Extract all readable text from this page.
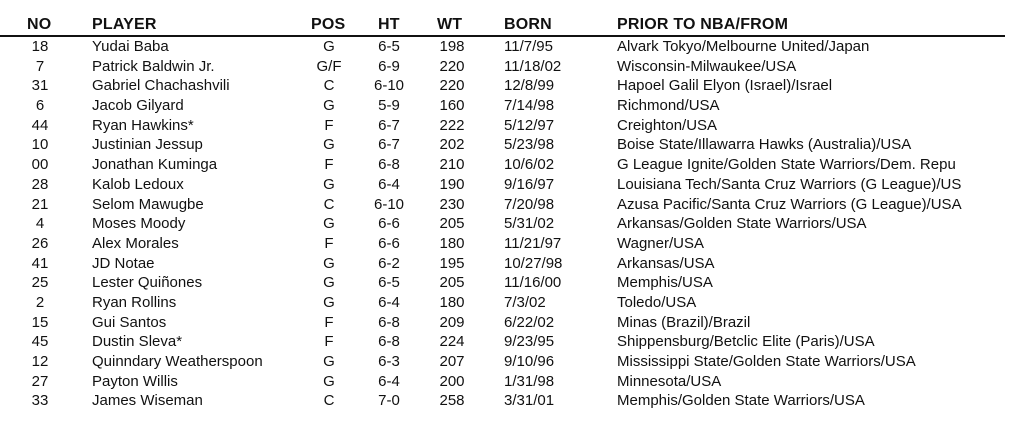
NO	PLAYER	POS HT WT	BORN	PRIOR TO NBA/FROM
18	Yudai Baba	G	6-5	198	11/7/95	Alvark Tokyo/Melbourne United/Japan
7	Patrick Baldwin Jr.	G/F	6-9	220	11/18/02	Wisconsin-Milwaukee/USA
31	Gabriel Chachashvili	C	6-10	220	12/8/99	Hapoel Galil Elyon (Israel)/Israel
6	Jacob Gilyard	G	5-9	160	7/14/98	Richmond/USA
44	Ryan Hawkins*	F	6-7	222	5/12/97	Creighton/USA
10	Justinian Jessup	G	6-7	202	5/23/98	Boise State/Illawarra Hawks (Australia)/USA
00	Jonathan Kuminga	F	6-8	210	10/6/02	G League Ignite/Golden State Warriors/Dem. Repu
28	Kalob Ledoux	G	6-4	190	9/16/97	Louisiana Tech/Santa Cruz Warriors (G League)/US
21	Selom Mawugbe	C	6-10	230	7/20/98	Azusa Pacific/Santa Cruz Warriors (G League)/USA
4	Moses Moody	G	6-6	205	5/31/02	Arkansas/Golden State Warriors/USA
26	Alex Morales	F	6-6	180	11/21/97	Wagner/USA
41	JD Notae	G	6-2	195	10/27/98	Arkansas/USA
25	Lester Quiñones	G	6-5	205	11/16/00	Memphis/USA
2	Ryan Rollins	G	6-4	180	7/3/02	Toledo/USA
15	Gui Santos	F	6-8	209	6/22/02	Minas (Brazil)/Brazil
45	Dustin Sleva*	F	6-8	224	9/23/95	Shippensburg/Betclic Elite (Paris)/USA
12	Quinndary Weatherspoon	G	6-3	207	9/10/96	Mississippi State/Golden State Warriors/USA
27	Payton Willis	G	6-4	200	1/31/98	Minnesota/USA
33	James Wiseman	C	7-0	258	3/31/01	Memphis/Golden State Warriors/USA
